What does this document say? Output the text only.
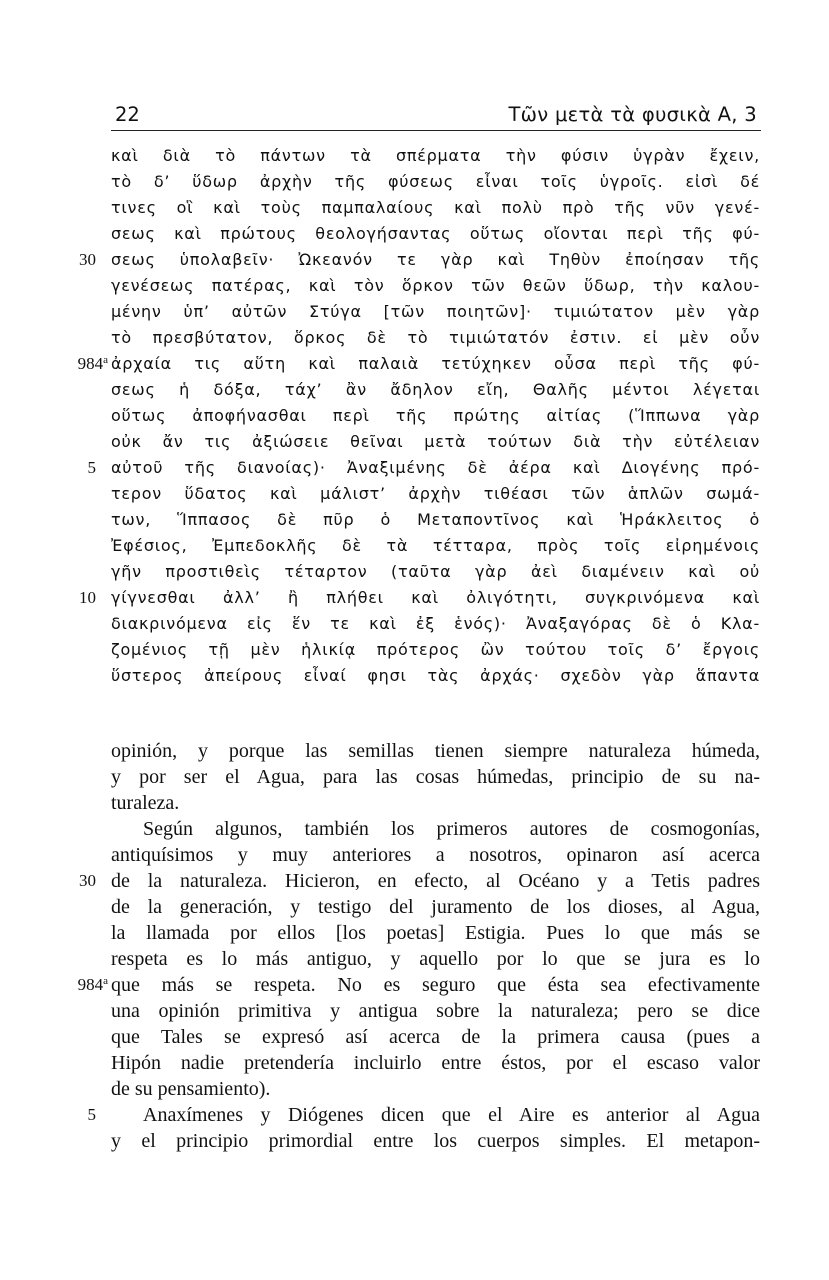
22	Τῶν μετὰ τὰ φυσικὰ Α, 3
καὶ διὰ τὸ πάντων τὰ σπέρματα τὴν φύσιν ὑγρὰν ἔχειν,
τὸ δ’ ὕδωρ ἀρχὴν τῆς φύσεως εἶναι τοῖς ὑγροῖς. εἰσὶ δέ
τινες οἳ καὶ τοὺς παμπαλαίους καὶ πολὺ πρὸ τῆς νῦν γενέ-
σεως καὶ πρώτους θεολογήσαντας οὕτως οἴονται περὶ τῆς φύ-
σεως ὑπολαβεῖν· Ὠκεανόν τε γὰρ καὶ Τηθὺν ἐποίησαν τῆς
γενέσεως πατέρας, καὶ τὸν ὅρκον τῶν θεῶν ὕδωρ, τὴν καλου-
μένην ὑπ’ αὐτῶν Στύγα [τῶν ποιητῶν]· τιμιώτατον μὲν γὰρ
τὸ πρεσβύτατον, ὅρκος δὲ τὸ τιμιώτατόν ἐστιν. εἰ μὲν οὖν
ἀρχαία τις αὕτη καὶ παλαιὰ τετύχηκεν οὖσα περὶ τῆς φύ-
σεως ἡ δόξα, τάχ’ ἂν ἄδηλον εἴη, Θαλῆς μέντοι λέγεται
οὕτως ἀποφήνασθαι περὶ τῆς πρώτης αἰτίας (Ἵππωνα γὰρ
οὐκ ἄν τις ἀξιώσειε θεῖναι μετὰ τούτων διὰ τὴν εὐτέλειαν
αὐτοῦ τῆς διανοίας)· Ἀναξιμένης δὲ ἀέρα καὶ Διογένης πρό-
τερον ὕδατος καὶ μάλιστ’ ἀρχὴν τιθέασι τῶν ἁπλῶν σωμά-
των, Ἵππασος δὲ πῦρ ὁ Μεταποντῖνος καὶ Ἡράκλειτος ὁ
Ἐφέσιος, Ἐμπεδοκλῆς δὲ τὰ τέτταρα, πρὸς τοῖς εἰρημένοις
γῆν προστιθεὶς τέταρτον (ταῦτα γὰρ ἀεὶ διαμένειν καὶ οὐ
γίγνεσθαι ἀλλ’ ἢ πλήθει καὶ ὀλιγότητι, συγκρινόμενα καὶ
διακρινόμενα εἰς ἕν τε καὶ ἐξ ἑνός)· Ἀναξαγόρας δὲ ὁ Κλα-
ζομένιος τῇ μὲν ἡλικίᾳ πρότερος ὢν τούτου τοῖς δ’ ἔργοις
ὕστερος ἀπείρους εἶναί φησι τὰς ἀρχάς· σχεδὸν γὰρ ἅπαντα
30
984$^a$
5
10
opinión, y porque las semillas tienen siempre naturaleza húmeda,
y por ser el Agua, para las cosas húmedas, principio de su na-
turaleza.
Según algunos, también los primeros autores de cosmogonías,
antiquísimos y muy anteriores a nosotros, opinaron así acerca
de la naturaleza. Hicieron, en efecto, al Océano y a Tetis padres
de la generación, y testigo del juramento de los dioses, al Agua,
la llamada por ellos [los poetas] Estigia. Pues lo que más se
respeta es lo más antiguo, y aquello por lo que se jura es lo
que más se respeta. No es seguro que ésta sea efectivamente
una opinión primitiva y antigua sobre la naturaleza; pero se dice
que Tales se expresó así acerca de la primera causa (pues a
Hipón nadie pretendería incluirlo entre éstos, por el escaso valor
de su pensamiento).
Anaxímenes y Diógenes dicen que el Aire es anterior al Agua
y el principio primordial entre los cuerpos simples. El metapon-
30
984$^a$
5
